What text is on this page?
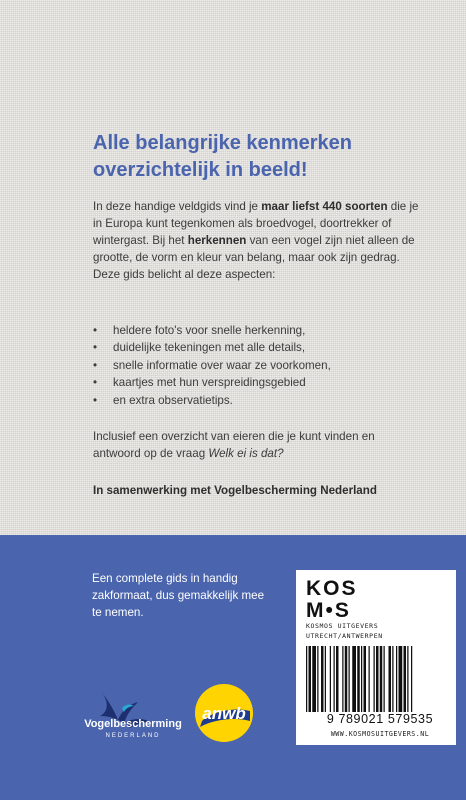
Alle belangrijke kenmerken
overzichtelijk in beeld!
In deze handige veldgids vind je maar liefst 440 soorten die je in Europa kunt tegenkomen als broedvogel, doortrekker of wintergast. Bij het herkennen van een vogel zijn niet alleen de grootte, de vorm en kleur van belang, maar ook zijn gedrag. Deze gids belicht al deze aspecten:
• heldere foto's voor snelle herkenning,
• duidelijke tekeningen met alle details,
• snelle informatie over waar ze voorkomen,
• kaartjes met hun verspreidingsgebied
• en extra observatietips.
Inclusief een overzicht van eieren die je kunt vinden en antwoord op de vraag Welk ei is dat?
In samenwerking met Vogelbescherming Nederland
Een complete gids in handig zakformaat, dus gemakkelijk mee te nemen.
Vogelbescherming
NEDERLAND
anwb
KOS
M•S
KOSMOS UITGEVERS
UTRECHT/ANTWERPEN
9 789021 579535
WWW.KOSMOSUITGEVERS.NL
